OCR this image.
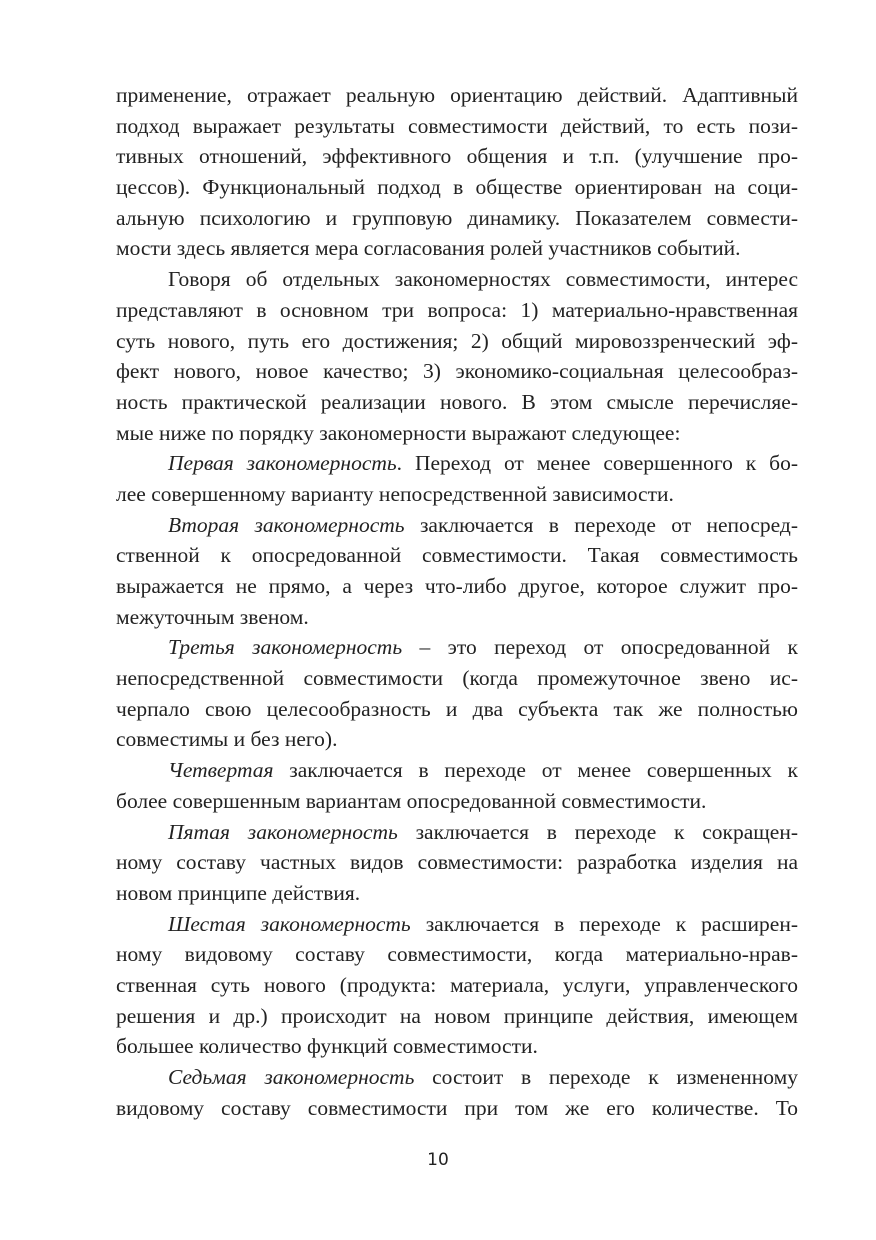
применение, отражает реальную ориентацию действий. Адаптивный
подход выражает результаты совместимости действий, то есть пози-
тивных отношений, эффективного общения и т.п. (улучшение про-
цессов). Функциональный подход в обществе ориентирован на соци-
альную психологию и групповую динамику. Показателем совмести-
мости здесь является мера согласования ролей участников событий.
Говоря об отдельных закономерностях совместимости, интерес
представляют в основном три вопроса: 1) материально-нравственная
суть нового, путь его достижения; 2) общий мировоззренческий эф-
фект нового, новое качество; 3) экономико-социальная целесообраз-
ность практической реализации нового. В этом смысле перечисляе-
мые ниже по порядку закономерности выражают следующее:
Первая закономерность. Переход от менее совершенного к бо-
лее совершенному варианту непосредственной зависимости.
Вторая закономерность заключается в переходе от непосред-
ственной к опосредованной совместимости. Такая совместимость
выражается не прямо, а через что-либо другое, которое служит про-
межуточным звеном.
Третья закономерность – это переход от опосредованной к
непосредственной совместимости (когда промежуточное звено ис-
черпало свою целесообразность и два субъекта так же полностью
совместимы и без него).
Четвертая заключается в переходе от менее совершенных к
более совершенным вариантам опосредованной совместимости.
Пятая закономерность заключается в переходе к сокращен-
ному составу частных видов совместимости: разработка изделия на
новом принципе действия.
Шестая закономерность заключается в переходе к расширен-
ному видовому составу совместимости, когда материально-нрав-
ственная суть нового (продукта: материала, услуги, управленческого
решения и др.) происходит на новом принципе действия, имеющем
большее количество функций совместимости.
Седьмая закономерность состоит в переходе к измененному
видовому составу совместимости при том же его количестве. То
10
